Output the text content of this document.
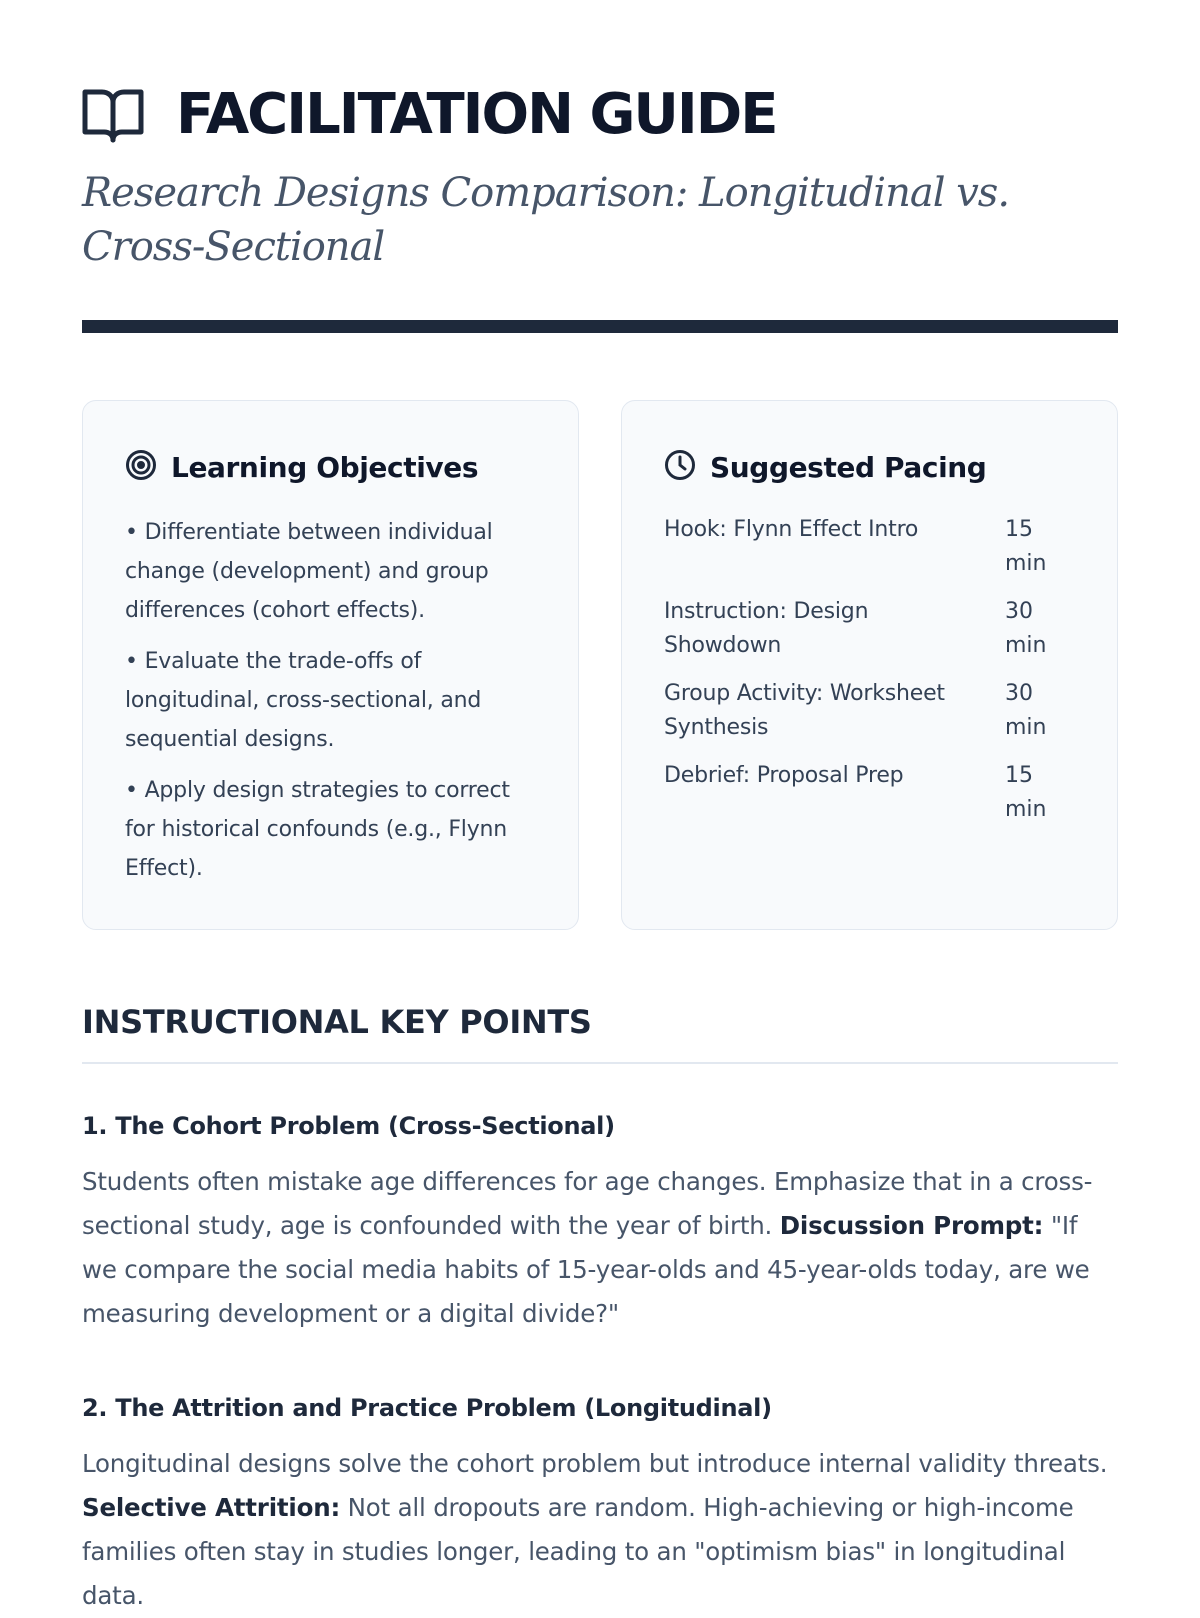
FACILITATION GUIDE
Research Designs Comparison: Longitudinal vs. Cross-Sectional
Learning Objectives
• Differentiate between individual change (development) and group differences (cohort effects).
• Evaluate the trade-offs of longitudinal, cross-sectional, and sequential designs.
• Apply design strategies to correct for historical confounds (e.g., Flynn Effect).
Suggested Pacing
Hook: Flynn Effect Intro	15 min
Instruction: Design Showdown
30 min
Group Activity: Worksheet Synthesis
30 min
Debrief: Proposal Prep	15 min
INSTRUCTIONAL KEY POINTS
1. The Cohort Problem (Cross-Sectional)
Students often mistake age differences for age changes. Emphasize that in a cross-sectional study, age is confounded with the year of birth. Discussion Prompt: "If we compare the social media habits of 15-year-olds and 45-year-olds today, are we measuring development or a digital divide?"
2. The Attrition and Practice Problem (Longitudinal)
Longitudinal designs solve the cohort problem but introduce internal validity threats. Selective Attrition: Not all dropouts are random. High-achieving or high-income families often stay in studies longer, leading to an "optimism bias" in longitudinal data.
